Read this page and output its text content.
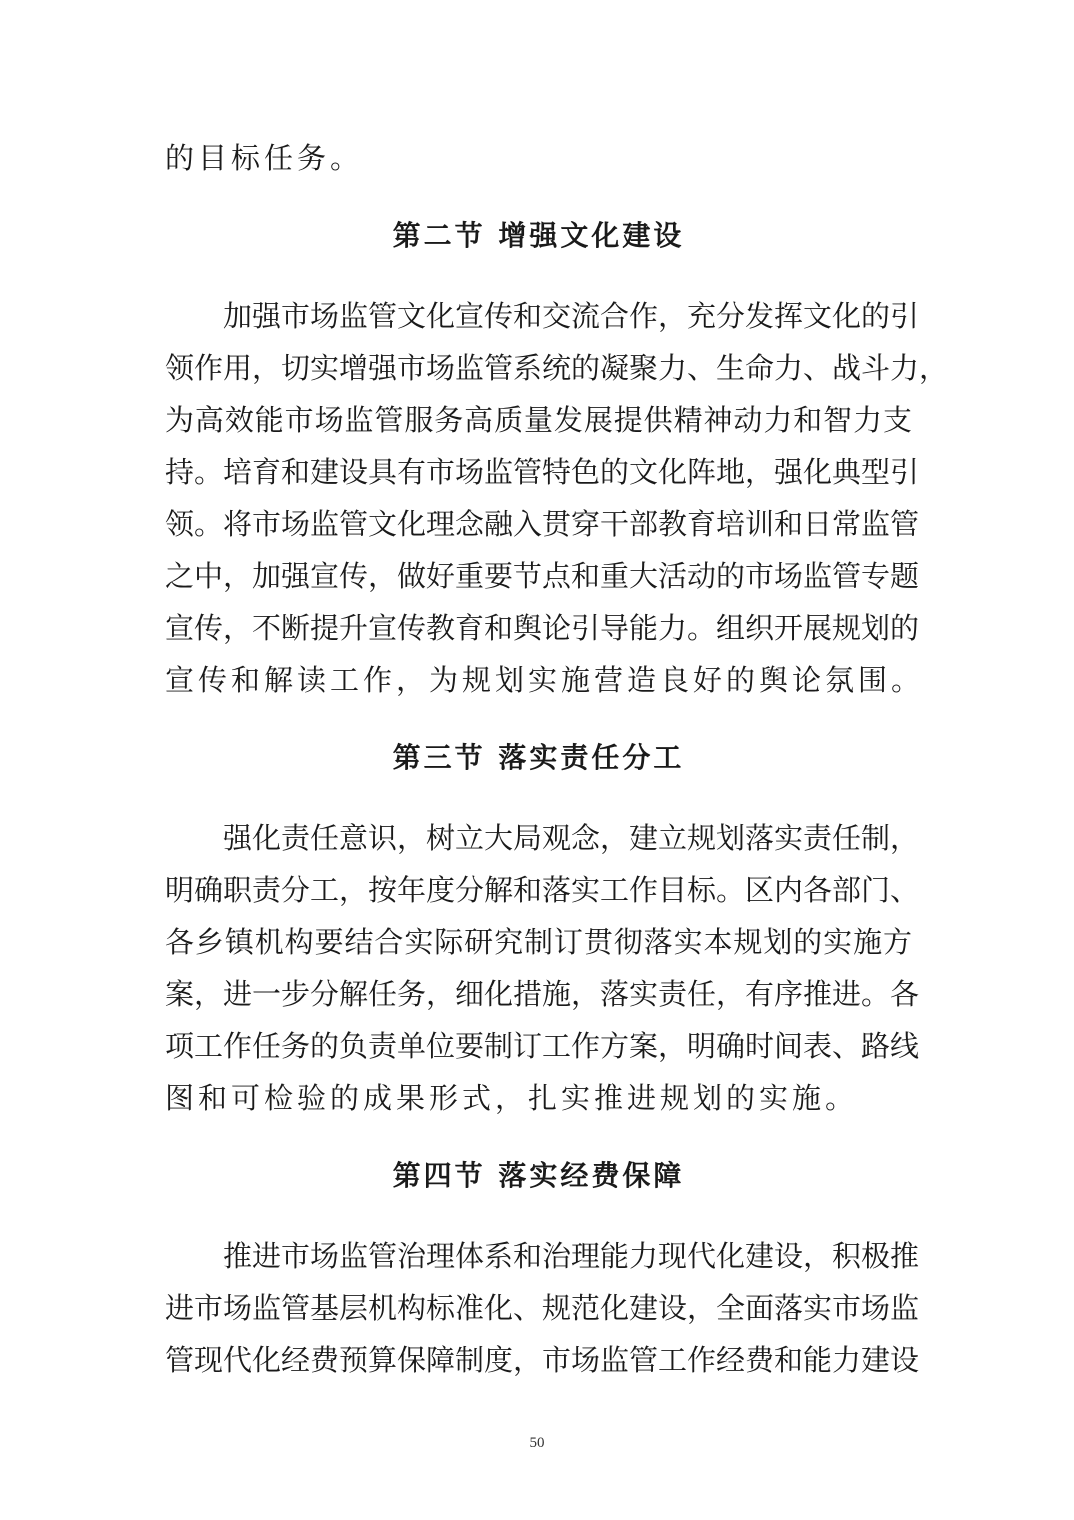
的目标任务。

第二节 增强文化建设

加强市场监管文化宣传和交流合作，充分发挥文化的引

领作用，切实增强市场监管系统的凝聚力、生命力、战斗力，

为高效能市场监管服务高质量发展提供精神动力和智力支

持。培育和建设具有市场监管特色的文化阵地，强化典型引

领。将市场监管文化理念融入贯穿干部教育培训和日常监管

之中，加强宣传，做好重要节点和重大活动的市场监管专题

宣传，不断提升宣传教育和舆论引导能力。组织开展规划的

宣传和解读工作，为规划实施营造良好的舆论氛围。

第三节 落实责任分工

强化责任意识，树立大局观念，建立规划落实责任制，

明确职责分工，按年度分解和落实工作目标。区内各部门、

各乡镇机构要结合实际研究制订贯彻落实本规划的实施方

案，进一步分解任务，细化措施，落实责任，有序推进。各

项工作任务的负责单位要制订工作方案，明确时间表、路线

图和可检验的成果形式，扎实推进规划的实施。

第四节 落实经费保障

推进市场监管治理体系和治理能力现代化建设，积极推

进市场监管基层机构标准化、规范化建设，全面落实市场监

管现代化经费预算保障制度，市场监管工作经费和能力建设

50
